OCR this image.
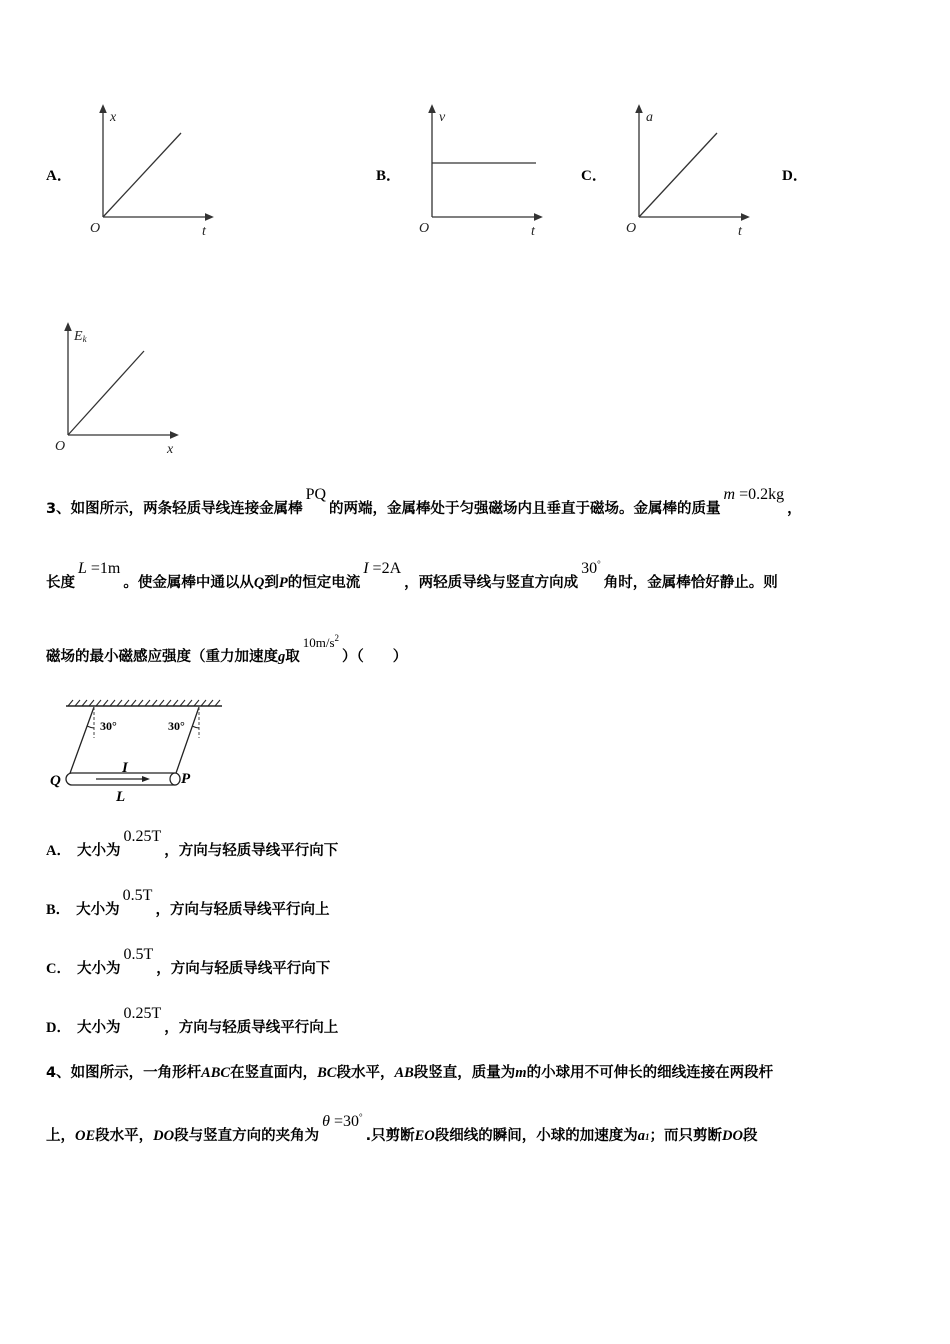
A．
x
t
O
B．
v
t
O
C．
a
t
O
D．
Ek
x
O
3、如图所示，两条轻质导线连接金属棒PQ的两端，金属棒处于匀强磁场内且垂直于磁场。金属棒的质量m =0.2kg，
长度L =1m。使金属棒中通以从Q到P的恒定电流I =2A，两轻质导线与竖直方向成30°角时，金属棒恰好静止。则
磁场的最小磁感应强度（重力加速度g取$10m/s^2$）（　　）
30°	30°
I
Q	P
L
A． 大小为0.25T，方向与轻质导线平行向下
B． 大小为0.5T，方向与轻质导线平行向上
C． 大小为0.5T，方向与轻质导线平行向下
D． 大小为0.25T，方向与轻质导线平行向上
4、如图所示，一角形杆ABC在竖直面内，BC段水平，AB段竖直，质量为m的小球用不可伸长的细线连接在两段杆
上，OE段水平，DO段与竖直方向的夹角为θ =30°.只剪断EO段细线的瞬间，小球的加速度为a1；而只剪断DO段
